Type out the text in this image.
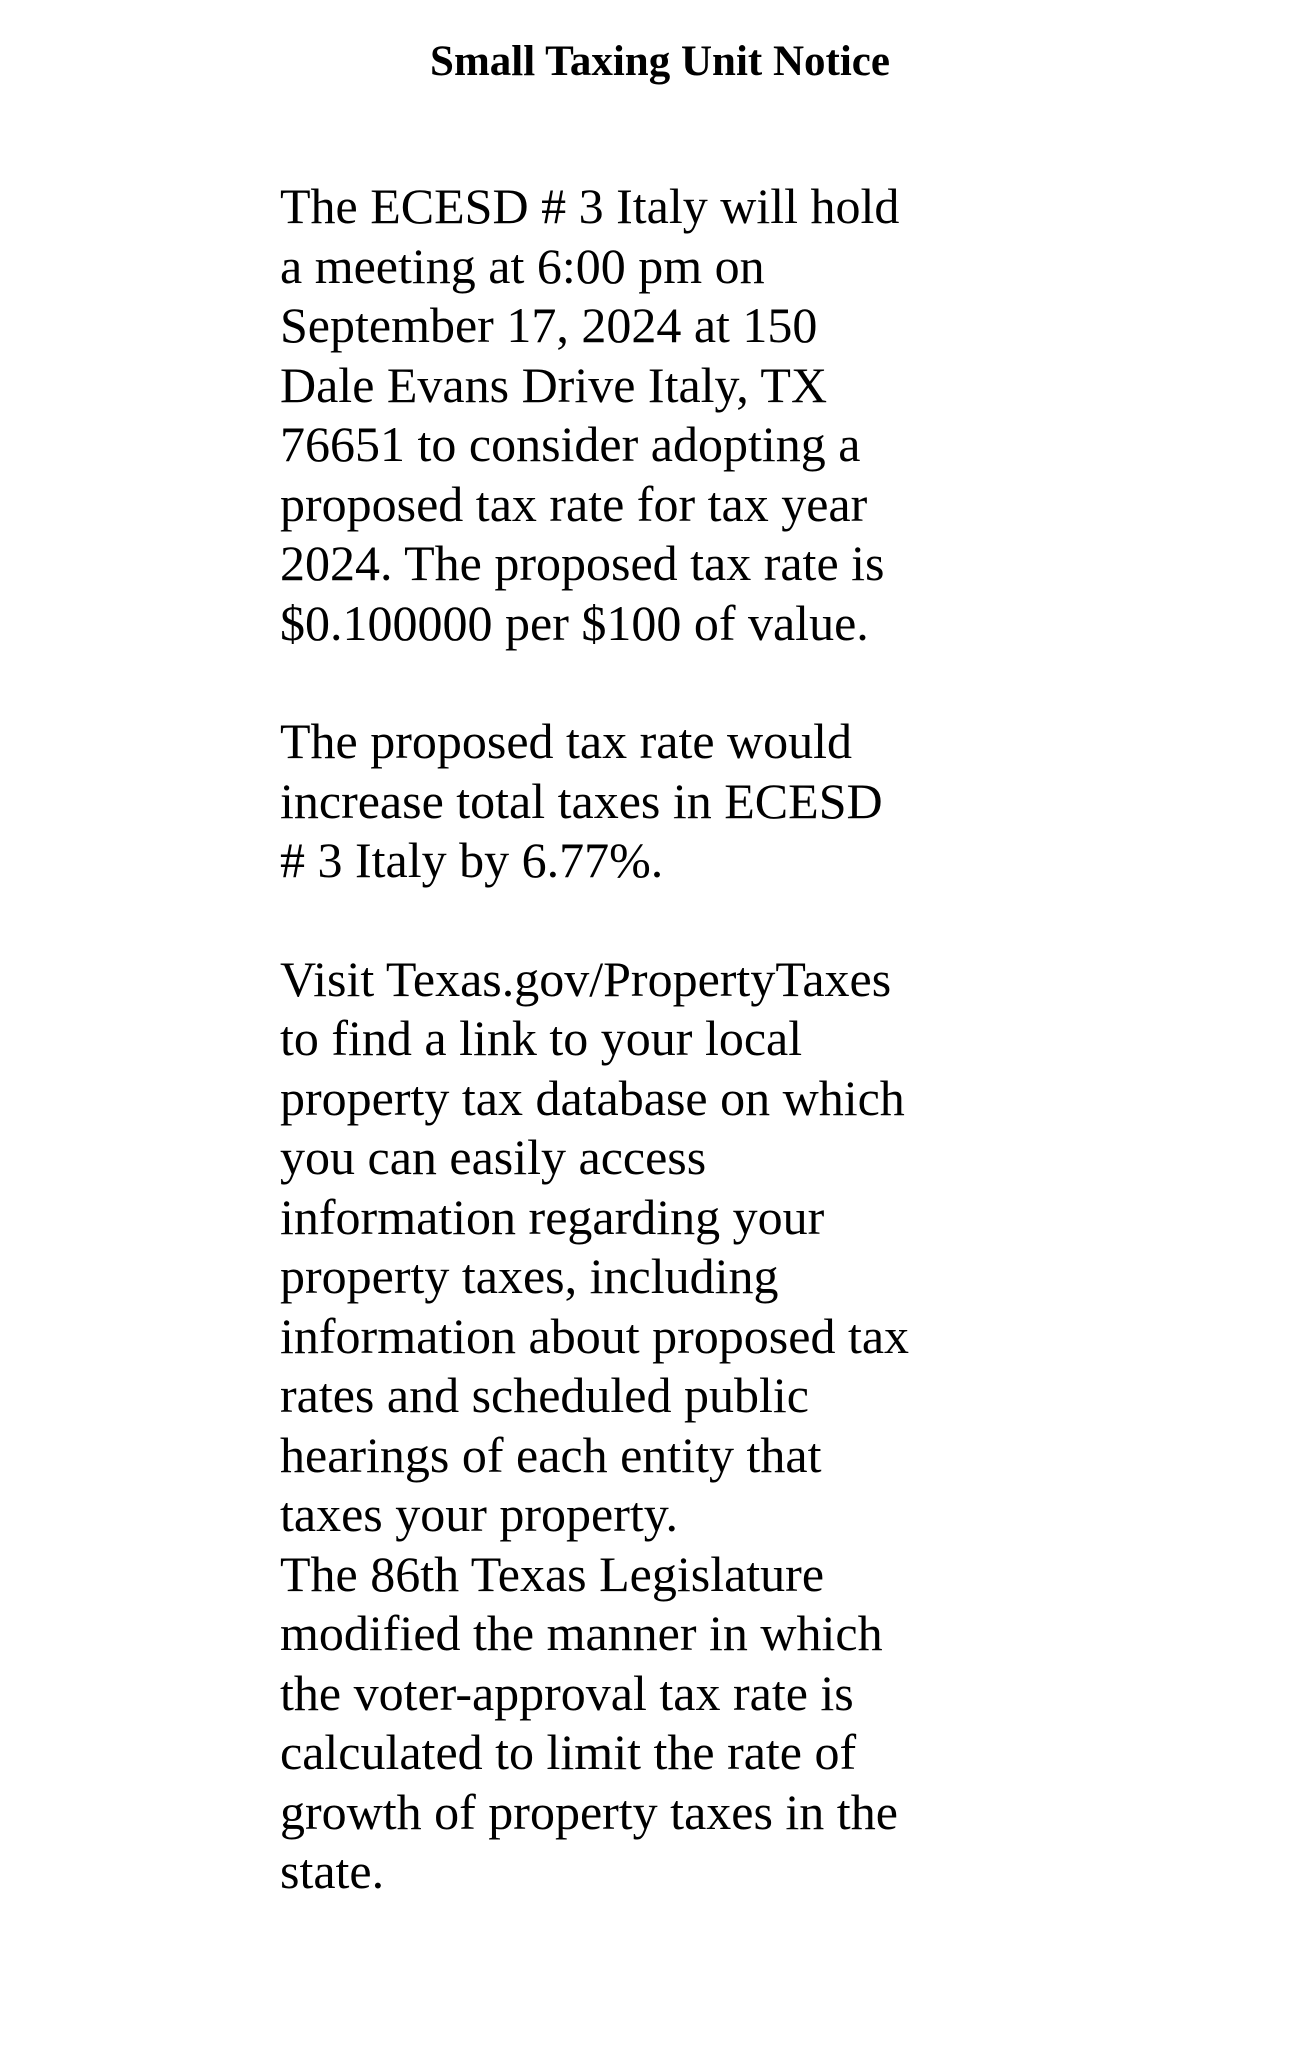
Small Taxing Unit Notice

The ECESD # 3 Italy will hold
a meeting at 6:00 pm on
September 17, 2024 at 150
Dale Evans Drive Italy, TX
76651 to consider adopting a
proposed tax rate for tax year
2024. The proposed tax rate is
$0.100000 per $100 of value.

The proposed tax rate would
increase total taxes in ECESD
# 3 Italy by 6.77%.

Visit Texas.gov/PropertyTaxes
to find a link to your local
property tax database on which
you can easily access
information regarding your
property taxes, including
information about proposed tax
rates and scheduled public
hearings of each entity that
taxes your property.

The 86th Texas Legislature
modified the manner in which
the voter-approval tax rate is
calculated to limit the rate of
growth of property taxes in the
state.
